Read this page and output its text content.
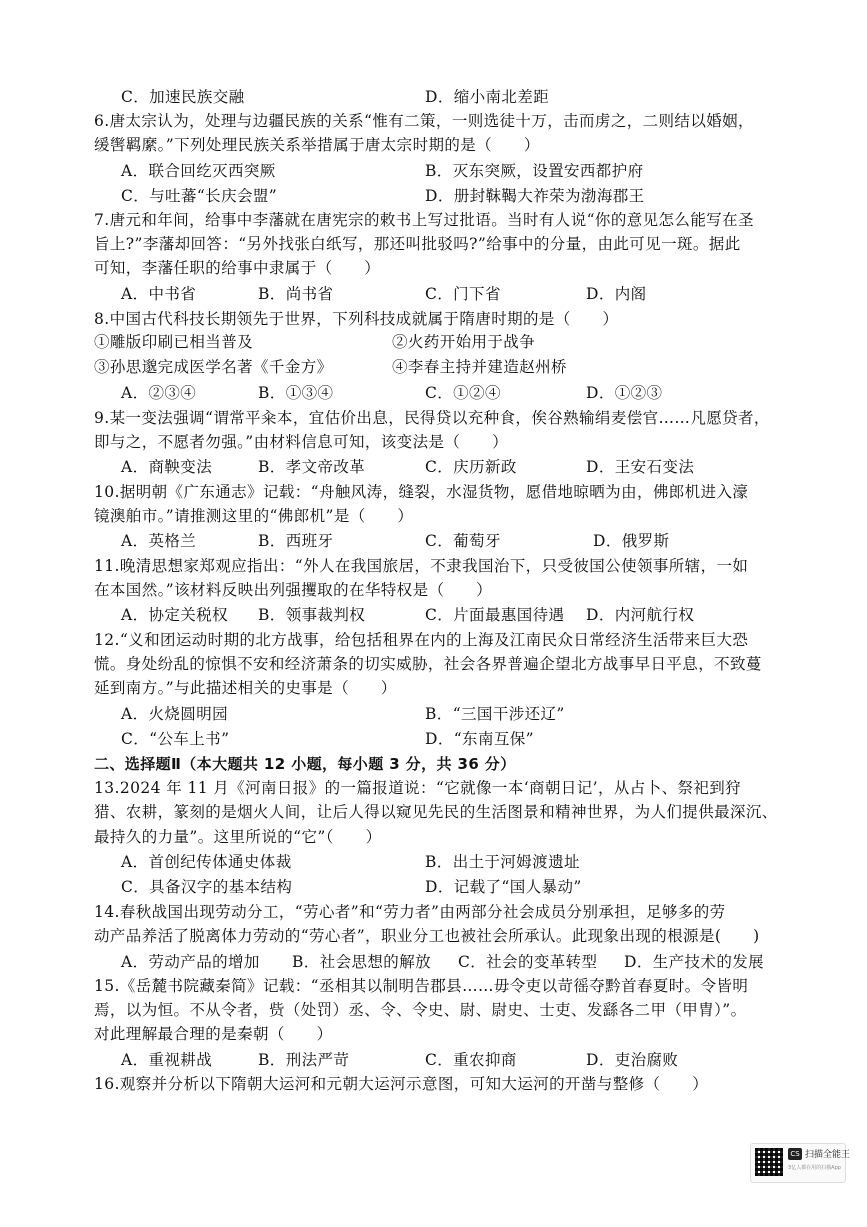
C．加速民族交融	D．缩小南北差距
6.唐太宗认为，处理与边疆民族的关系“惟有二策，一则选徒十万，击而虏之，二则结以婚姻，
缓辔羁縻。”下列处理民族关系举措属于唐太宗时期的是（　　）
A．联合回纥灭西突厥	B．灭东突厥，设置安西都护府
C．与吐蕃“长庆会盟”	D．册封靺鞨大祚荣为渤海郡王
7.唐元和年间，给事中李藩就在唐宪宗的敕书上写过批语。当时有人说“你的意见怎么能写在圣
旨上?”李藩却回答：“另外找张白纸写，那还叫批驳吗?”给事中的分量，由此可见一斑。据此
可知，李藩任职的给事中隶属于（　　）
A．中书省	B．尚书省	C．门下省	D．内阁
8.中国古代科技长期领先于世界，下列科技成就属于隋唐时期的是（　　）
①雕版印刷已相当普及	②火药开始用于战争
③孙思邈完成医学名著《千金方》	④李春主持并建造赵州桥
A．②③④	B．①③④	C．①②④	D．①②③
9.某一变法强调“谓常平籴本，宜估价出息，民得贷以充种食，俟谷熟输绢麦偿官……凡愿贷者，
即与之，不愿者勿强。”由材料信息可知，该变法是（　　）
A．商鞅变法	B．孝文帝改革	C．庆历新政	D．王安石变法
10.据明朝《广东通志》记载：“舟触风涛，缝裂，水湿货物，愿借地晾晒为由，佛郎机进入濠
镜澳舶市。”请推测这里的“佛郎机”是（　　）
A．英格兰	B．西班牙	C．葡萄牙	D．俄罗斯
11.晚清思想家郑观应指出：“外人在我国旅居，不隶我国治下，只受彼国公使领事所辖，一如
在本国然。”该材料反映出列强攫取的在华特权是（　　）
A．协定关税权 B．领事裁判权	C．片面最惠国待遇 D．内河航行权
12.“义和团运动时期的北方战事，给包括租界在内的上海及江南民众日常经济生活带来巨大恐
慌。身处纷乱的惊惧不安和经济萧条的切实威胁，社会各界普遍企望北方战事早日平息，不致蔓
延到南方。”与此描述相关的史事是（　　）
A．火烧圆明园	B．“三国干涉还辽”
C．“公车上书”	D．“东南互保”
二、选择题Ⅱ（本大题共 12 小题，每小题 3 分，共 36 分）
13.2024 年 11 月《河南日报》的一篇报道说：“它就像一本‘商朝日记’，从占卜、祭祀到狩
猎、农耕，篆刻的是烟火人间，让后人得以窥见先民的生活图景和精神世界，为人们提供最深沉、
最持久的力量”。这里所说的“它”（　　）
A．首创纪传体通史体裁	B．出土于河姆渡遗址
C．具备汉字的基本结构	D．记载了“国人暴动”
14.春秋战国出现劳动分工，“劳心者”和“劳力者”由两部分社会成员分别承担，足够多的劳
动产品养活了脱离体力劳动的“劳心者”，职业分工也被社会所承认。此现象出现的根源是(　　)
A．劳动产品的增加 B．社会思想的解放 C．社会的变革转型 D．生产技术的发展
15.《岳麓书院藏秦简》记载：“丞相其以制明告郡县……毋令吏以苛徭夺黔首春夏时。令皆明
焉，以为恒。不从令者，赀（处罚）丞、令、令史、尉、尉史、士吏、发繇各二甲（甲胄）”。
对此理解最合理的是秦朝（　　）
A．重视耕战	B．刑法严苛	C．重农抑商	D．吏治腐败
16.观察并分析以下隋朝大运河和元朝大运河示意图，可知大运河的开凿与整修（　　）
CS 扫描全能王
3亿人都在用的扫描App
